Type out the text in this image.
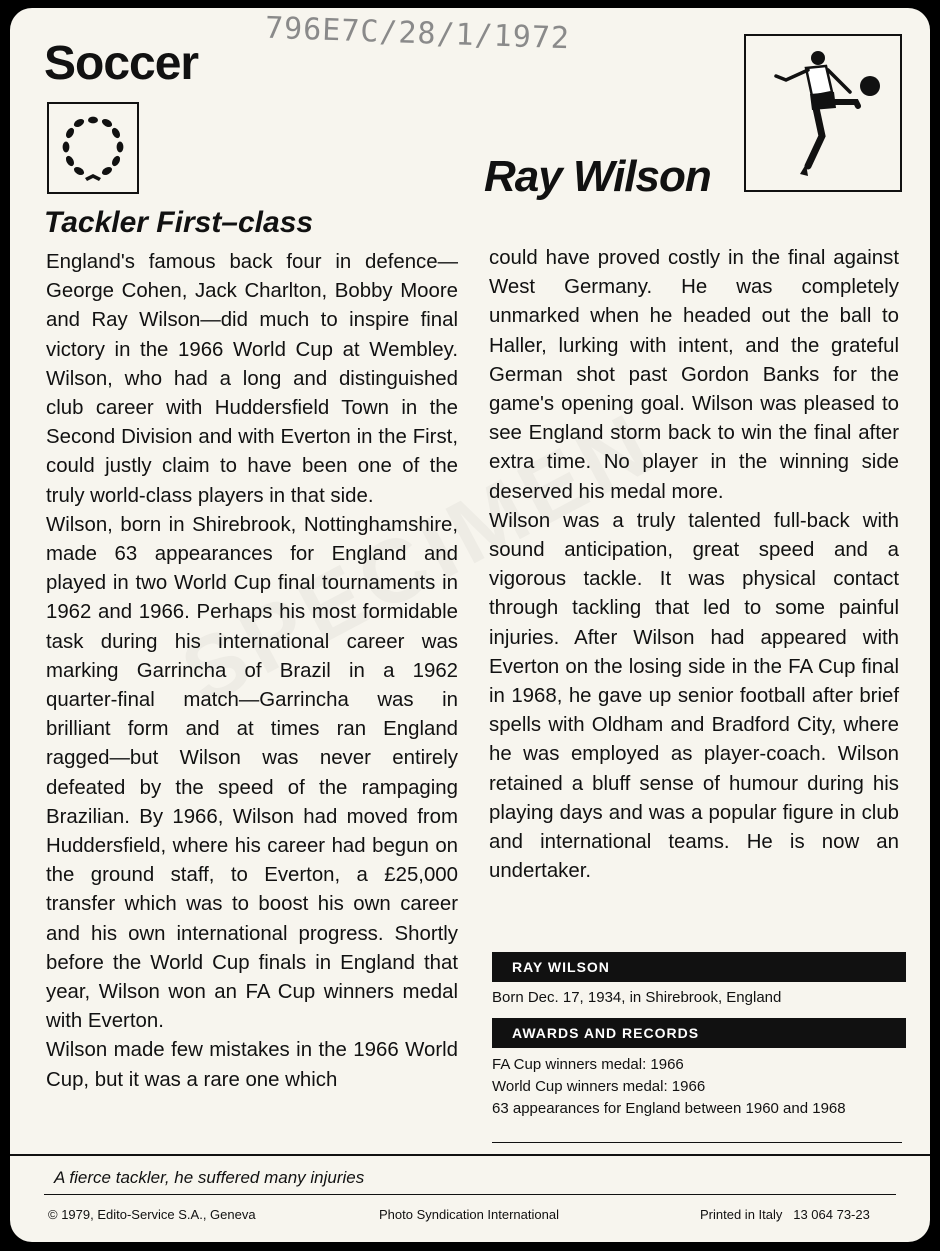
Soccer
796E7C/28/1/1972
Ray Wilson
Tackler First–class

England's famous back four in defence—George Cohen, Jack Charlton, Bobby Moore and Ray Wilson—did much to inspire final victory in the 1966 World Cup at Wembley. Wilson, who had a long and distinguished club career with Huddersfield Town in the Second Division and with Everton in the First, could justly claim to have been one of the truly world-class players in that side.

Wilson, born in Shirebrook, Nottinghamshire, made 63 appearances for England and played in two World Cup final tournaments in 1962 and 1966. Perhaps his most formidable task during his international career was marking Garrincha of Brazil in a 1962 quarter-final match—Garrincha was in brilliant form and at times ran England ragged—but Wilson was never entirely defeated by the speed of the rampaging Brazilian. By 1966, Wilson had moved from Huddersfield, where his career had begun on the ground staff, to Everton, a £25,000 transfer which was to boost his own career and his own international progress. Shortly before the World Cup finals in England that year, Wilson won an FA Cup winners medal with Everton.

Wilson made few mistakes in the 1966 World Cup, but it was a rare one which

could have proved costly in the final against West Germany. He was completely unmarked when he headed out the ball to Haller, lurking with intent, and the grateful German shot past Gordon Banks for the game's opening goal. Wilson was pleased to see England storm back to win the final after extra time. No player in the winning side deserved his medal more.

Wilson was a truly talented full-back with sound anticipation, great speed and a vigorous tackle. It was physical contact through tackling that led to some painful injuries. After Wilson had appeared with Everton on the losing side in the FA Cup final in 1968, he gave up senior football after brief spells with Oldham and Bradford City, where he was employed as player-coach. Wilson retained a bluff sense of humour during his playing days and was a popular figure in club and international teams. He is now an undertaker.

RAY WILSON
Born Dec. 17, 1934, in Shirebrook, England
AWARDS AND RECORDS
FA Cup winners medal: 1966
World Cup winners medal: 1966
63 appearances for England between 1960 and 1968
A fierce tackler, he suffered many injuries
© 1979, Edito-Service S.A., Geneva	Photo Syndication International	Printed in Italy   13 064 73-23
